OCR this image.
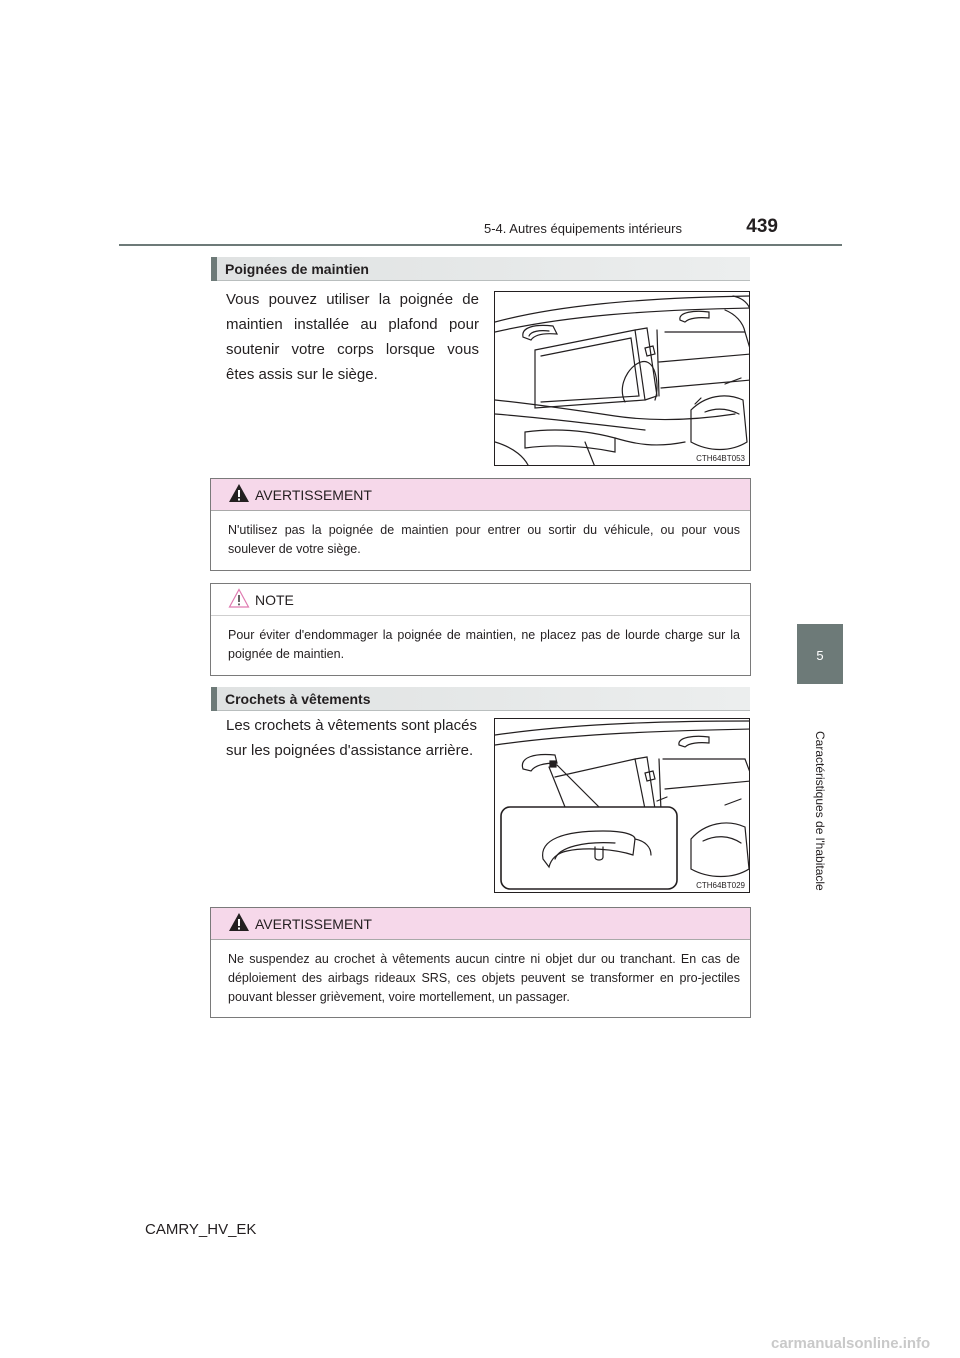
5-4. Autres équipements intérieurs	439
5
Caractéristiques de l'habitacle
Poignées de maintien
Vous pouvez utiliser la poignée de maintien installée au plafond pour soutenir votre corps lorsque vous êtes assis sur le siège.
CTH64BT053
AVERTISSEMENT
N'utilisez pas la poignée de maintien pour entrer ou sortir du véhicule, ou pour vous soulever de votre siège.
NOTE
Pour éviter d'endommager la poignée de maintien, ne placez pas de lourde charge sur la poignée de maintien.
Crochets à vêtements
Les crochets à vêtements sont placés sur les poignées d'assistance arrière.
CTH64BT029
AVERTISSEMENT
Ne suspendez au crochet à vêtements aucun cintre ni objet dur ou tranchant. En cas de déploiement des airbags rideaux SRS, ces objets peuvent se transformer en pro-jectiles pouvant blesser grièvement, voire mortellement, un passager.
CAMRY_HV_EK
carmanualsonline.info
